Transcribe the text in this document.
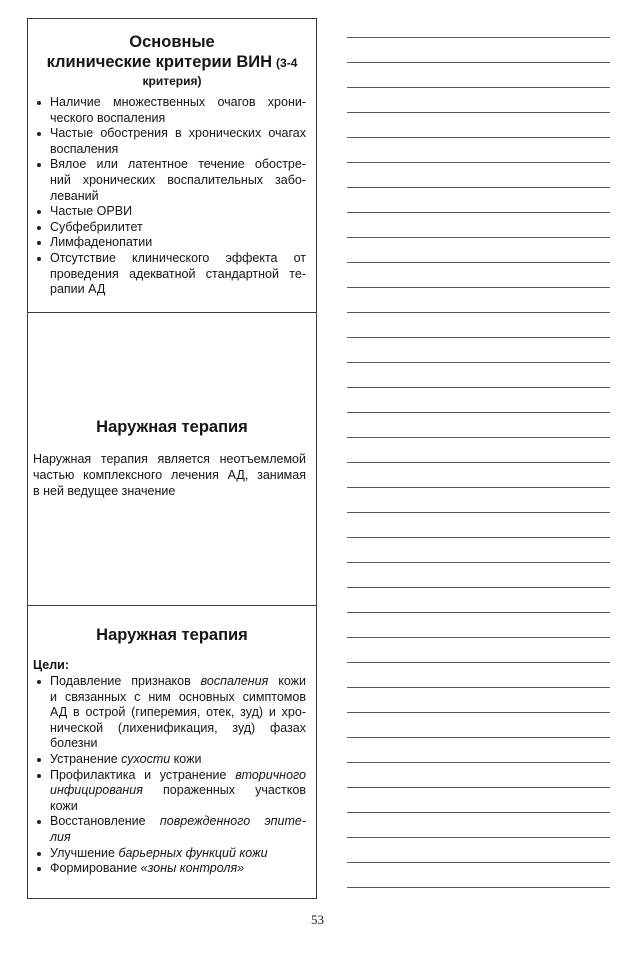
Основные
клинические критерии ВИН (3-4
критерия)
Наличие множественных очагов хрони-
ческого воспаления
Частые обострения в хронических очагах
воспаления
Вялое или латентное течение обостре-
ний хронических воспалительных забо-
леваний
Частые ОРВИ
Субфебрилитет
Лимфаденопатии
Отсутствие клинического эффекта от
проведения адекватной стандартной те-
рапии АД
Наружная терапия
Наружная терапия является неотъемлемой
частью комплексного лечения АД, занимая
в ней ведущее значение
Наружная терапия
Цели:
Подавление признаков воспаления кожи
и связанных с ним основных симптомов
АД в острой (гиперемия, отек, зуд) и хро-
нической (лихенификация, зуд) фазах
болезни
Устранение сухости кожи
Профилактика и устранение вторичного
инфицирования пораженных участков
кожи
Восстановление поврежденного эпите-
лия
Улучшение барьерных функций кожи
Формирование «зоны контроля»
53
